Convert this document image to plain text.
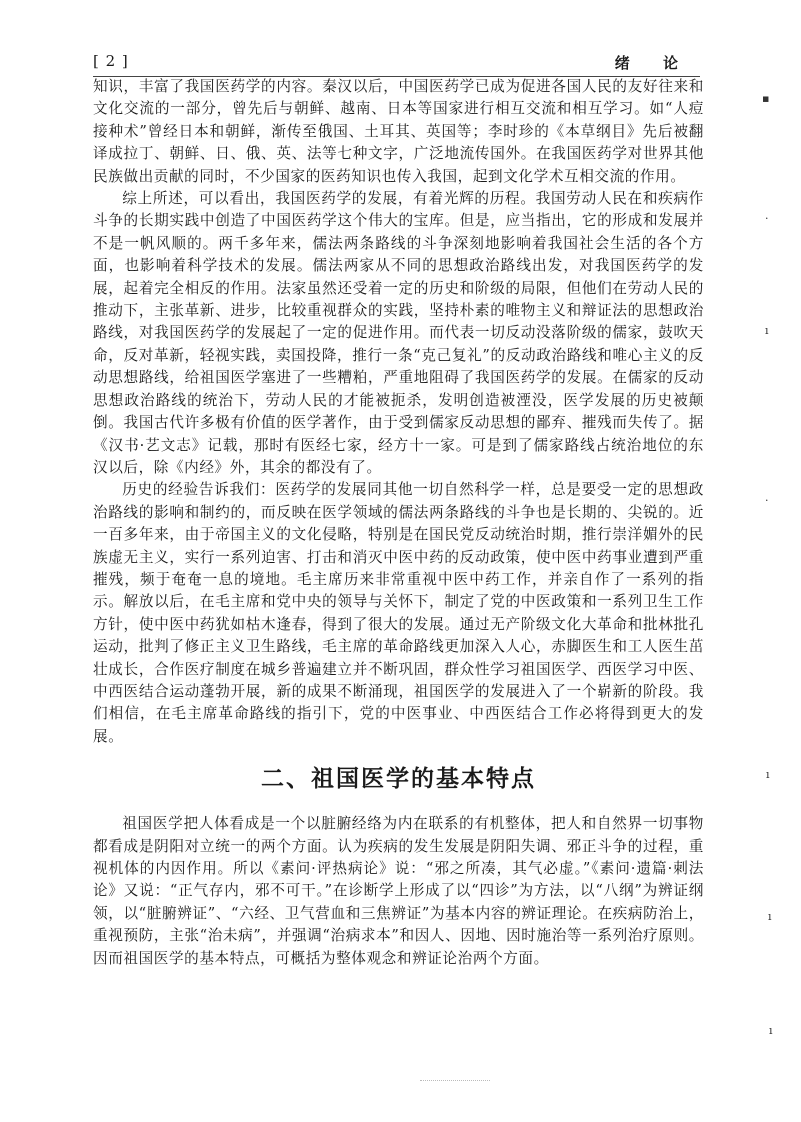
[ 2 ]	绪 论

知识，丰富了我国医药学的内容。秦汉以后，中国医药学已成为促进各国人民的友好往来和文化交流的一部分，曾先后与朝鲜、越南、日本等国家进行相互交流和相互学习。如“人痘接种术”曾经日本和朝鲜，渐传至俄国、土耳其、英国等；李时珍的《本草纲目》先后被翻译成拉丁、朝鲜、日、俄、英、法等七种文字，广泛地流传国外。在我国医药学对世界其他民族做出贡献的同时，不少国家的医药知识也传入我国，起到文化学术互相交流的作用。

综上所述，可以看出，我国医药学的发展，有着光辉的历程。我国劳动人民在和疾病作斗争的长期实践中创造了中国医药学这个伟大的宝库。但是，应当指出，它的形成和发展并不是一帆风顺的。两千多年来，儒法两条路线的斗争深刻地影响着我国社会生活的各个方面，也影响着科学技术的发展。儒法两家从不同的思想政治路线出发，对我国医药学的发展，起着完全相反的作用。法家虽然还受着一定的历史和阶级的局限，但他们在劳动人民的推动下，主张革新、进步，比较重视群众的实践，坚持朴素的唯物主义和辩证法的思想政治路线，对我国医药学的发展起了一定的促进作用。而代表一切反动没落阶级的儒家，鼓吹天命，反对革新，轻视实践，卖国投降，推行一条“克己复礼”的反动政治路线和唯心主义的反动思想路线，给祖国医学塞进了一些糟粕，严重地阻碍了我国医药学的发展。在儒家的反动思想政治路线的统治下，劳动人民的才能被扼杀，发明创造被湮没，医学发展的历史被颠倒。我国古代许多极有价值的医学著作，由于受到儒家反动思想的鄙弃、摧残而失传了。据《汉书·艺文志》记载，那时有医经七家，经方十一家。可是到了儒家路线占统治地位的东汉以后，除《内经》外，其余的都没有了。

历史的经验告诉我们：医药学的发展同其他一切自然科学一样，总是要受一定的思想政治路线的影响和制约的，而反映在医学领域的儒法两条路线的斗争也是长期的、尖锐的。近一百多年来，由于帝国主义的文化侵略，特别是在国民党反动统治时期，推行崇洋媚外的民族虚无主义，实行一系列迫害、打击和消灭中医中药的反动政策，使中医中药事业遭到严重摧残，频于奄奄一息的境地。毛主席历来非常重视中医中药工作，并亲自作了一系列的指示。解放以后，在毛主席和党中央的领导与关怀下，制定了党的中医政策和一系列卫生工作方针，使中医中药犹如枯木逢春，得到了很大的发展。通过无产阶级文化大革命和批林批孔运动，批判了修正主义卫生路线，毛主席的革命路线更加深入人心，赤脚医生和工人医生茁壮成长，合作医疗制度在城乡普遍建立并不断巩固，群众性学习祖国医学、西医学习中医、中西医结合运动蓬勃开展，新的成果不断涌现，祖国医学的发展进入了一个崭新的阶段。我们相信，在毛主席革命路线的指引下，党的中医事业、中西医结合工作必将得到更大的发展。

二、祖国医学的基本特点

祖国医学把人体看成是一个以脏腑经络为内在联系的有机整体，把人和自然界一切事物都看成是阴阳对立统一的两个方面。认为疾病的发生发展是阴阳失调、邪正斗争的过程，重视机体的内因作用。所以《素问·评热病论》说：“邪之所凑，其气必虚。”《素问·遗篇·刺法论》又说：“正气存内，邪不可干。”在诊断学上形成了以“四诊”为方法，以“八纲”为辨证纲领，以“脏腑辨证”、“六经、卫气营血和三焦辨证”为基本内容的辨证理论。在疾病防治上，重视预防，主张“治未病”，并强调“治病求本”和因人、因地、因时施治等一系列治疗原则。因而祖国医学的基本特点，可概括为整体观念和辨证论治两个方面。

▪
·
ı
·
ı
ı
ı
